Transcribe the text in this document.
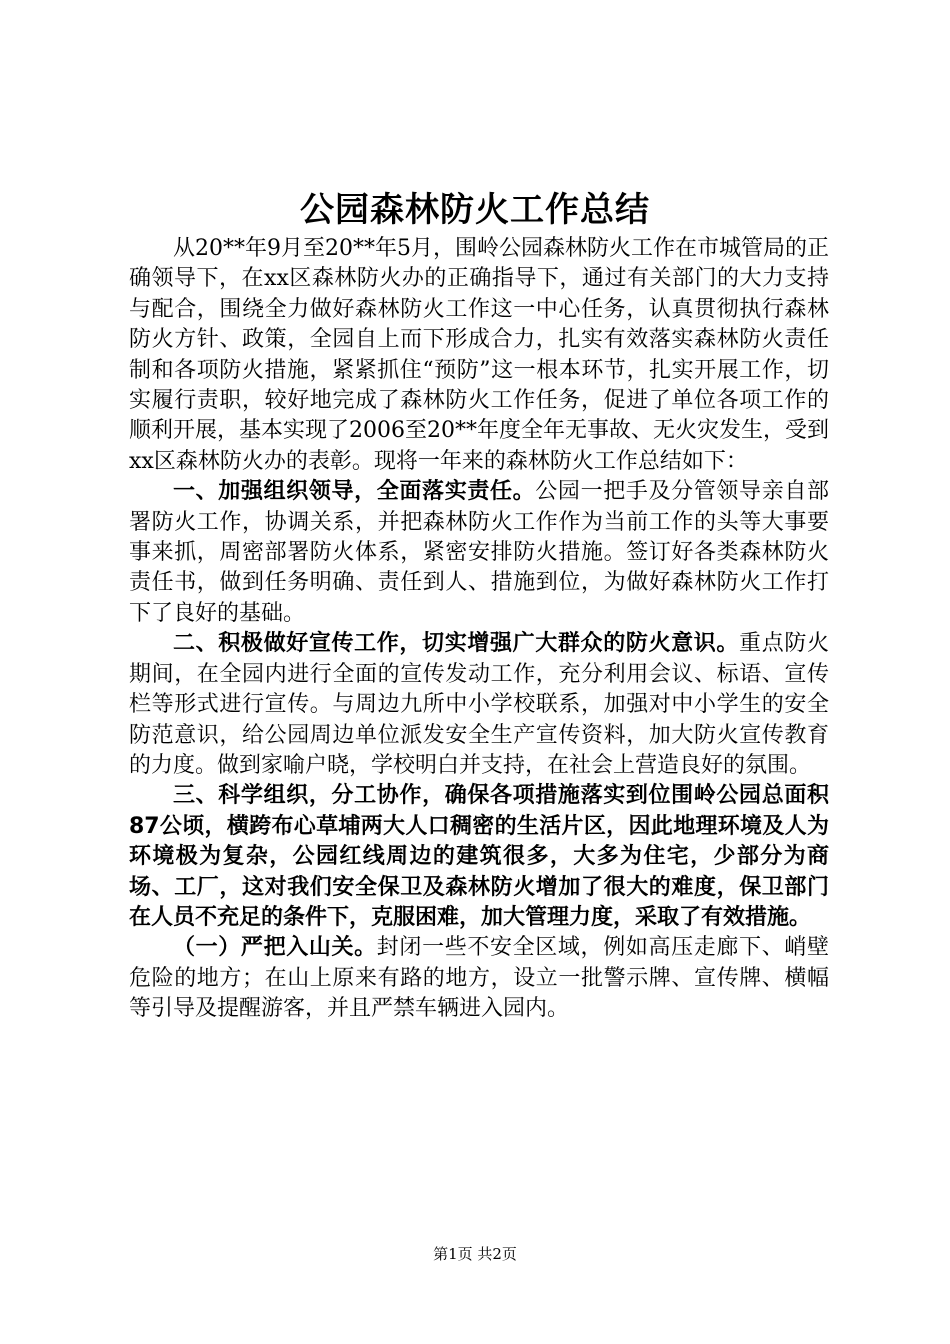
公园森林防火工作总结

从20**年9月至20**年5月，围岭公园森林防火工作在市城管局的正确领导下，在xx区森林防火办的正确指导下，通过有关部门的大力支持与配合，围绕全力做好森林防火工作这一中心任务，认真贯彻执行森林防火方针、政策，全园自上而下形成合力，扎实有效落实森林防火责任制和各项防火措施，紧紧抓住“预防”这一根本环节，扎实开展工作，切实履行责职，较好地完成了森林防火工作任务，促进了单位各项工作的顺利开展，基本实现了2006至20**年度全年无事故、无火灾发生，受到xx区森林防火办的表彰。现将一年来的森林防火工作总结如下：

一、加强组织领导，全面落实责任。公园一把手及分管领导亲自部署防火工作，协调关系，并把森林防火工作作为当前工作的头等大事要事来抓，周密部署防火体系，紧密安排防火措施。签订好各类森林防火责任书，做到任务明确、责任到人、措施到位，为做好森林防火工作打下了良好的基础。

二、积极做好宣传工作，切实增强广大群众的防火意识。重点防火期间，在全园内进行全面的宣传发动工作，充分利用会议、标语、宣传栏等形式进行宣传。与周边九所中小学校联系，加强对中小学生的安全防范意识，给公园周边单位派发安全生产宣传资料，加大防火宣传教育的力度。做到家喻户晓，学校明白并支持，在社会上营造良好的氛围。

三、科学组织，分工协作，确保各项措施落实到位围岭公园总面积87公顷，横跨布心草埔两大人口稠密的生活片区，因此地理环境及人为环境极为复杂，公园红线周边的建筑很多，大多为住宅，少部分为商场、工厂，这对我们安全保卫及森林防火增加了很大的难度，保卫部门在人员不充足的条件下，克服困难，加大管理力度，采取了有效措施。

（一）严把入山关。封闭一些不安全区域，例如高压走廊下、峭壁危险的地方；在山上原来有路的地方，设立一批警示牌、宣传牌、横幅等引导及提醒游客，并且严禁车辆进入园内。

第1页 共2页
